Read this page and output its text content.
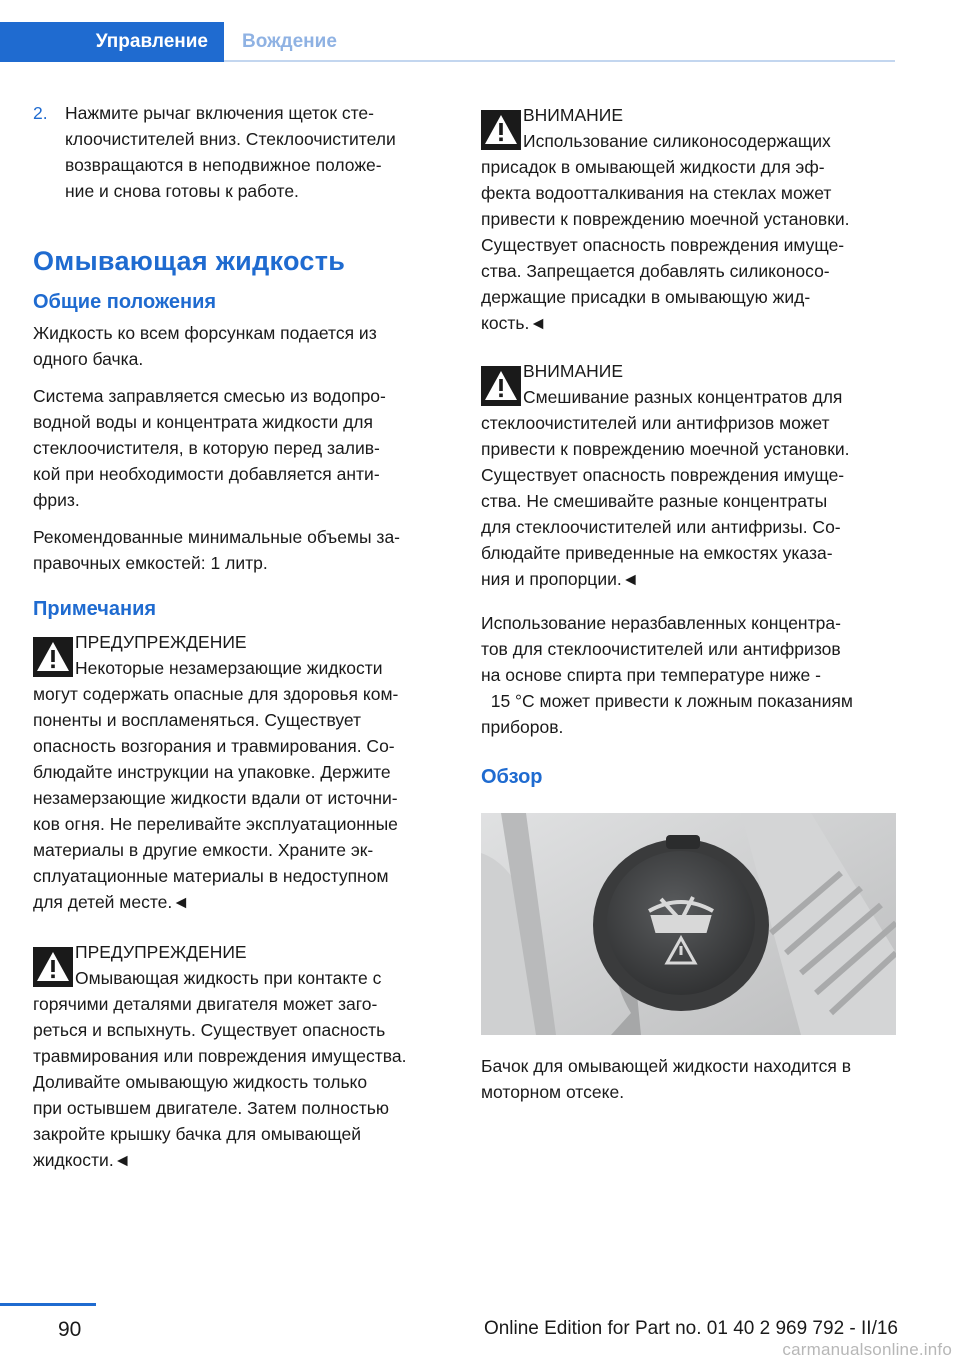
Управление	Вождение
2. Нажмите рычаг включения щеток сте-
клоочистителей вниз. Стеклоочистители
возвращаются в неподвижное положе-
ние и снова готовы к работе.
Омывающая жидкость
Общие положения
Жидкость ко всем форсункам подается из
одного бачка.
Система заправляется смесью из водопро-
водной воды и концентрата жидкости для
стеклоочистителя, в которую перед залив-
кой при необходимости добавляется анти-
фриз.
Рекомендованные минимальные объемы за-
правочных емкостей: 1 литр.
Примечания
ПРЕДУПРЕЖДЕНИЕ
Некоторые незамерзающие жидкости
могут содержать опасные для здоровья ком-
поненты и воспламеняться. Существует
опасность возгорания и травмирования. Со-
блюдайте инструкции на упаковке. Держите
незамерзающие жидкости вдали от источни-
ков огня. Не переливайте эксплуатационные
материалы в другие емкости. Храните эк-
сплуатационные материалы в недоступном
для детей месте.◄
ПРЕДУПРЕЖДЕНИЕ
Омывающая жидкость при контакте с
горячими деталями двигателя может заго-
реться и вспыхнуть. Существует опасность
травмирования или повреждения имущества.
Доливайте омывающую жидкость только
при остывшем двигателе. Затем полностью
закройте крышку бачка для омывающей
жидкости.◄
ВНИМАНИЕ
Использование силиконосодержащих
присадок в омывающей жидкости для эф-
фекта водоотталкивания на стеклах может
привести к повреждению моечной установки.
Существует опасность повреждения имуще-
ства. Запрещается добавлять силиконосо-
держащие присадки в омывающую жид-
кость.◄
ВНИМАНИЕ
Смешивание разных концентратов для
стеклоочистителей или антифризов может
привести к повреждению моечной установки.
Существует опасность повреждения имуще-
ства. Не смешивайте разные концентраты
для стеклоочистителей или антифризы. Со-
блюдайте приведенные на емкостях указа-
ния и пропорции.◄
Использование неразбавленных концентра-
тов для стеклоочистителей или антифризов
на основе спирта при температуре ниже -
15 °C может привести к ложным показаниям
приборов.
Обзор
Бачок для омывающей жидкости находится в
моторном отсеке.
90	Online Edition for Part no. 01 40 2 969 792 - II/16
carmanualsonline.info
